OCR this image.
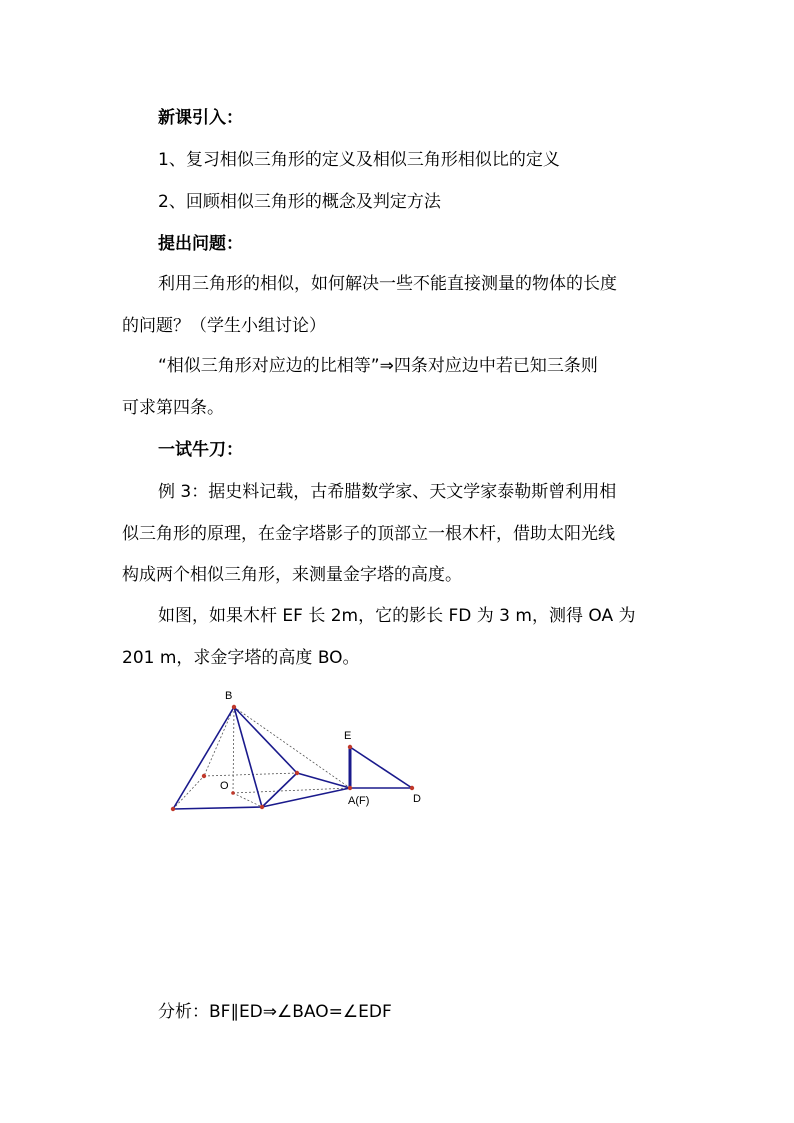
新课引入：
1、复习相似三角形的定义及相似三角形相似比的定义
2、回顾相似三角形的概念及判定方法
提出问题：
利用三角形的相似，如何解决一些不能直接测量的物体的长度
的问题？（学生小组讨论）
“相似三角形对应边的比相等”⇒四条对应边中若已知三条则
可求第四条。
一试牛刀：
例 3：据史料记载，古希腊数学家、天文学家泰勒斯曾利用相
似三角形的原理，在金字塔影子的顶部立一根木杆，借助太阳光线
构成两个相似三角形，来测量金字塔的高度。
如图，如果木杆 EF 长 2m，它的影长 FD 为 3 m，测得 OA 为
201 m，求金字塔的高度 BO。
B
E
O
A(F)	D
分析：BF∥ED⇒∠BAO=∠EDF
